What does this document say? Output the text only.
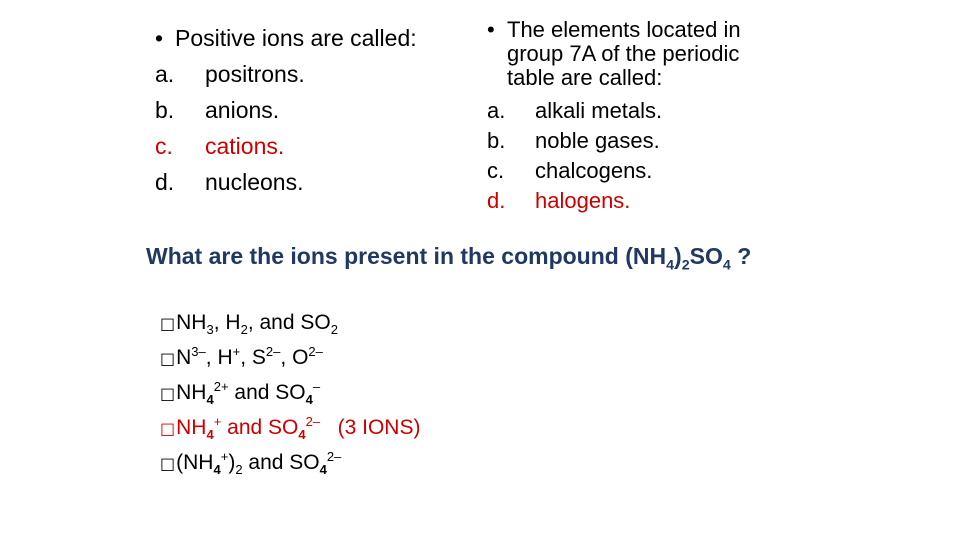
• Positive ions are called:
a. positrons.
b. anions.
c. cations.
d. nucleons.
• The elements located in
group 7A of the periodic
table are called:
a. alkali metals.
b. noble gases.
c. chalcogens.
d. halogens.
What are the ions present in the compound $(NH_4)_2SO_4$ ?
$□NH_3$, $H_2$, and $SO_2$
$□N^{3-}$, H+, $S^{2-}$, $O^{2-}$
$□NH_4^{2+}$ and $SO_4^-$
$□NH_4^+$ and $SO_4^{2-}$   (3 IONS)
$□(NH_4^+)_2$ and $SO_4^{2-}$
